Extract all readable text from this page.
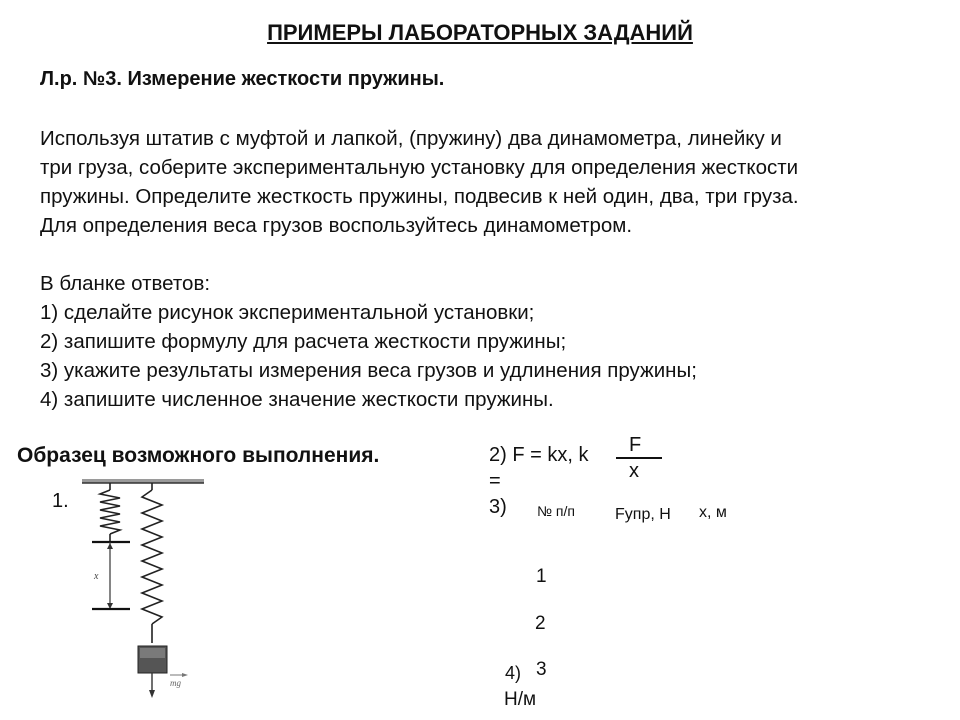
ПРИМЕРЫ ЛАБОРАТОРНЫХ ЗАДАНИЙ
Л.р. №3. Измерение жесткости пружины.
Используя штатив с муфтой и лапкой, (пружину) два динамометра, линейку и
три груза, соберите экспериментальную установку для определения жесткости
пружины. Определите жесткость пружины, подвесив к ней один, два, три груза.
Для определения веса грузов воспользуйтесь динамометром.

В бланке ответов:
1) сделайте рисунок экспериментальной установки;
2) запишите формулу для расчета жесткости пружины;
3) укажите результаты измерения веса грузов и удлинения пружины;
4) запишите численное значение жесткости пружины.
Образец возможного выполнения.
1.
x
mg
2) F = kx, k F
x
=
3) № п/п	Fупр, Н	x, м
1
2
3
4)
Н/м
